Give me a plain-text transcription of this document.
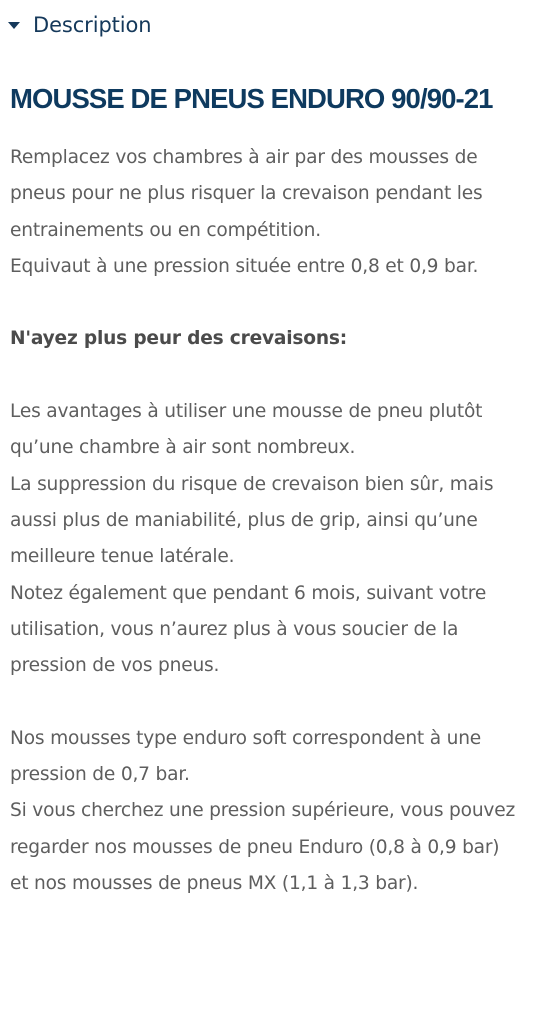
Description
MOUSSE DE PNEUS ENDURO 90/90-21

Remplacez vos chambres à air par des mousses de pneus pour ne plus risquer la crevaison pendant les entrainements ou en compétition.

Equivaut à une pression située entre 0,8 et 0,9 bar.

N'ayez plus peur des crevaisons:

Les avantages à utiliser une mousse de pneu plutôt qu’une chambre à air sont nombreux.

La suppression du risque de crevaison bien sûr, mais aussi plus de maniabilité, plus de grip, ainsi qu’une meilleure tenue latérale.

Notez également que pendant 6 mois, suivant votre utilisation, vous n’aurez plus à vous soucier de la pression de vos pneus.

Nos mousses type enduro soft correspondent à une pression de 0,7 bar.

Si vous cherchez une pression supérieure, vous pouvez regarder nos mousses de pneu Enduro (0,8 à 0,9 bar)

et nos mousses de pneus MX (1,1 à 1,3 bar).
